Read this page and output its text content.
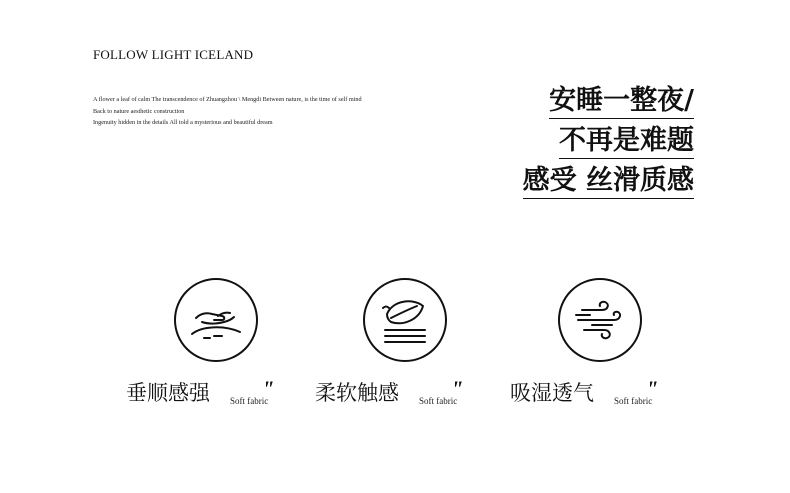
FOLLOW LIGHT ICELAND
A flower a leaf of calm The transcendence of Zhuangzhou \ Mengdi Between nature, is the time of self mind
Back to nature aesthetic construction
Ingenuity hidden in the details All told a mysterious and beautiful dream
安睡一整夜/
不再是难题
感受 丝滑质感
垂顺感强 Soft fabric
" 柔软触感 Soft fabric
" 吸湿透气 Soft fabric
"
